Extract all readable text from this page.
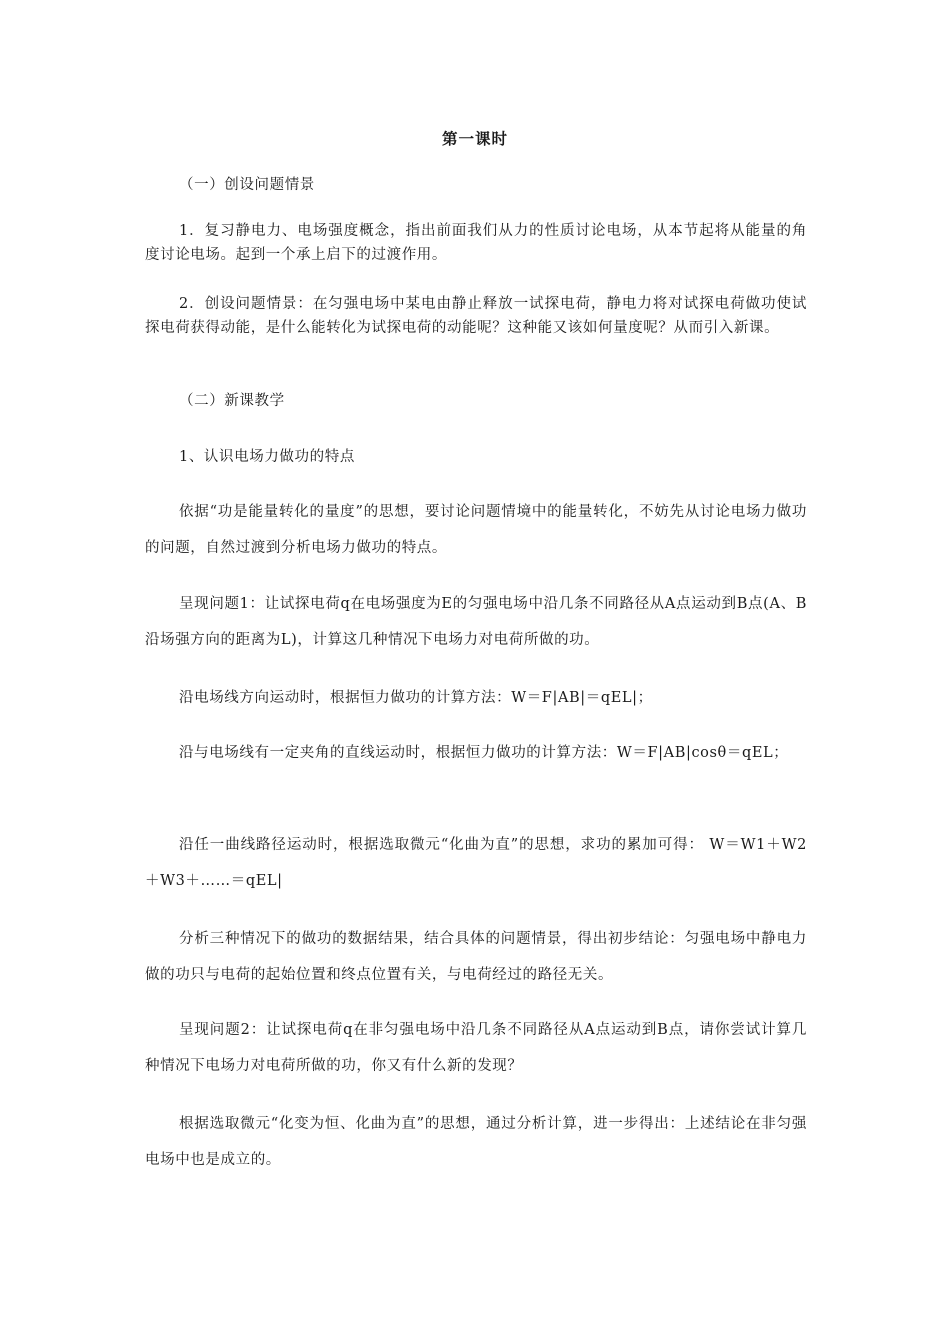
第一课时
（一）创设问题情景
1．复习静电力、电场强度概念，指出前面我们从力的性质讨论电场，从本节起将从能量的角度讨论电场。起到一个承上启下的过渡作用。
2．创设问题情景：在匀强电场中某电由静止释放一试探电荷，静电力将对试探电荷做功使试探电荷获得动能，是什么能转化为试探电荷的动能呢？这种能又该如何量度呢？从而引入新课。
（二）新课教学
1、认识电场力做功的特点
依据“功是能量转化的量度”的思想，要讨论问题情境中的能量转化，不妨先从讨论电场力做功的问题，自然过渡到分析电场力做功的特点。
呈现问题1：让试探电荷q在电场强度为E的匀强电场中沿几条不同路径从A点运动到B点(A、B沿场强方向的距离为L)，计算这几种情况下电场力对电荷所做的功。
沿电场线方向运动时，根据恒力做功的计算方法：W＝F|AB|＝qEL|；
沿与电场线有一定夹角的直线运动时，根据恒力做功的计算方法：W＝F|AB|cosθ＝qEL；
沿任一曲线路径运动时，根据选取微元“化曲为直”的思想，求功的累加可得： W＝W1＋W2＋W3＋……＝qEL|
分析三种情况下的做功的数据结果，结合具体的问题情景，得出初步结论：匀强电场中静电力做的功只与电荷的起始位置和终点位置有关，与电荷经过的路径无关。
呈现问题2：让试探电荷q在非匀强电场中沿几条不同路径从A点运动到B点，请你尝试计算几种情况下电场力对电荷所做的功，你又有什么新的发现？
根据选取微元“化变为恒、化曲为直”的思想，通过分析计算，进一步得出：上述结论在非匀强电场中也是成立的。
